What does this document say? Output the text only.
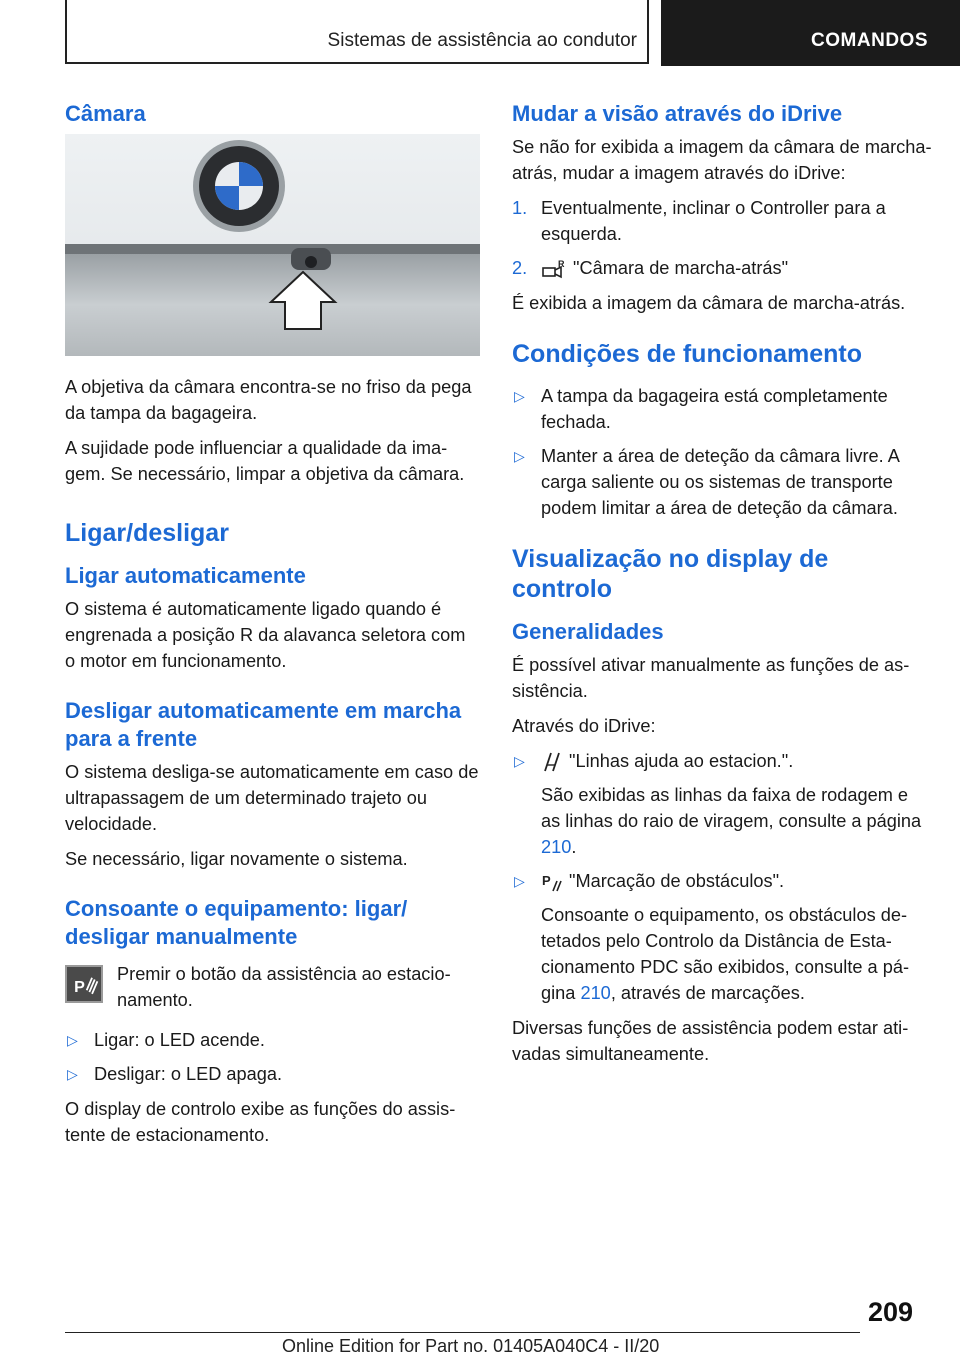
Sistemas de assistência ao condutor	COMANDOS
Câmara

A objetiva da câmara encontra-se no friso da pega da tampa da bagageira.

A sujidade pode influenciar a qualidade da imagem. Se necessário, limpar a objetiva da câmara.

Ligar/desligar
Ligar automaticamente

O sistema é automaticamente ligado quando é engrenada a posição R da alavanca seletora com o motor em funcionamento.

Desligar automaticamente em marcha para a frente

O sistema desliga-se automaticamente em caso de ultrapassagem de um determinado trajeto ou velocidade.

Se necessário, ligar novamente o sistema.

Consoante o equipamento: ligar/ desligar manualmente
P

Premir o botão da assistência ao estacionamento.

▷ Ligar: o LED acende.
▷ Desligar: o LED apaga.

O display de controlo exibe as funções do assistente de estacionamento.

Mudar a visão através do iDrive

Se não for exibida a imagem da câmara de marcha-atrás, mudar a imagem através do iDrive:

1. Eventualmente, inclinar o Controller para a esquerda.
2.	R "Câmara de marcha-atrás"

É exibida a imagem da câmara de marcha-atrás.

Condições de funcionamento
▷ A tampa da bagageira está completamente fechada.
▷ Manter a área de deteção da câmara livre. A carga saliente ou os sistemas de transporte podem limitar a área de deteção da câmara.
Visualização no display de controlo
Generalidades

É possível ativar manualmente as funções de assistência.

Através do iDrive:

▷ "Linhas ajuda ao estacion.".
São exibidas as linhas da faixa de rodagem e as linhas do raio de viragem, consulte a página 210.
▷ P "Marcação de obstáculos".
Consoante o equipamento, os obstáculos detetados pelo Controlo da Distância de Estacionamento PDC são exibidos, consulte a página 210, através de marcações.

Diversas funções de assistência podem estar ativadas simultaneamente.

209
Online Edition for Part no. 01405A040C4 - II/20
